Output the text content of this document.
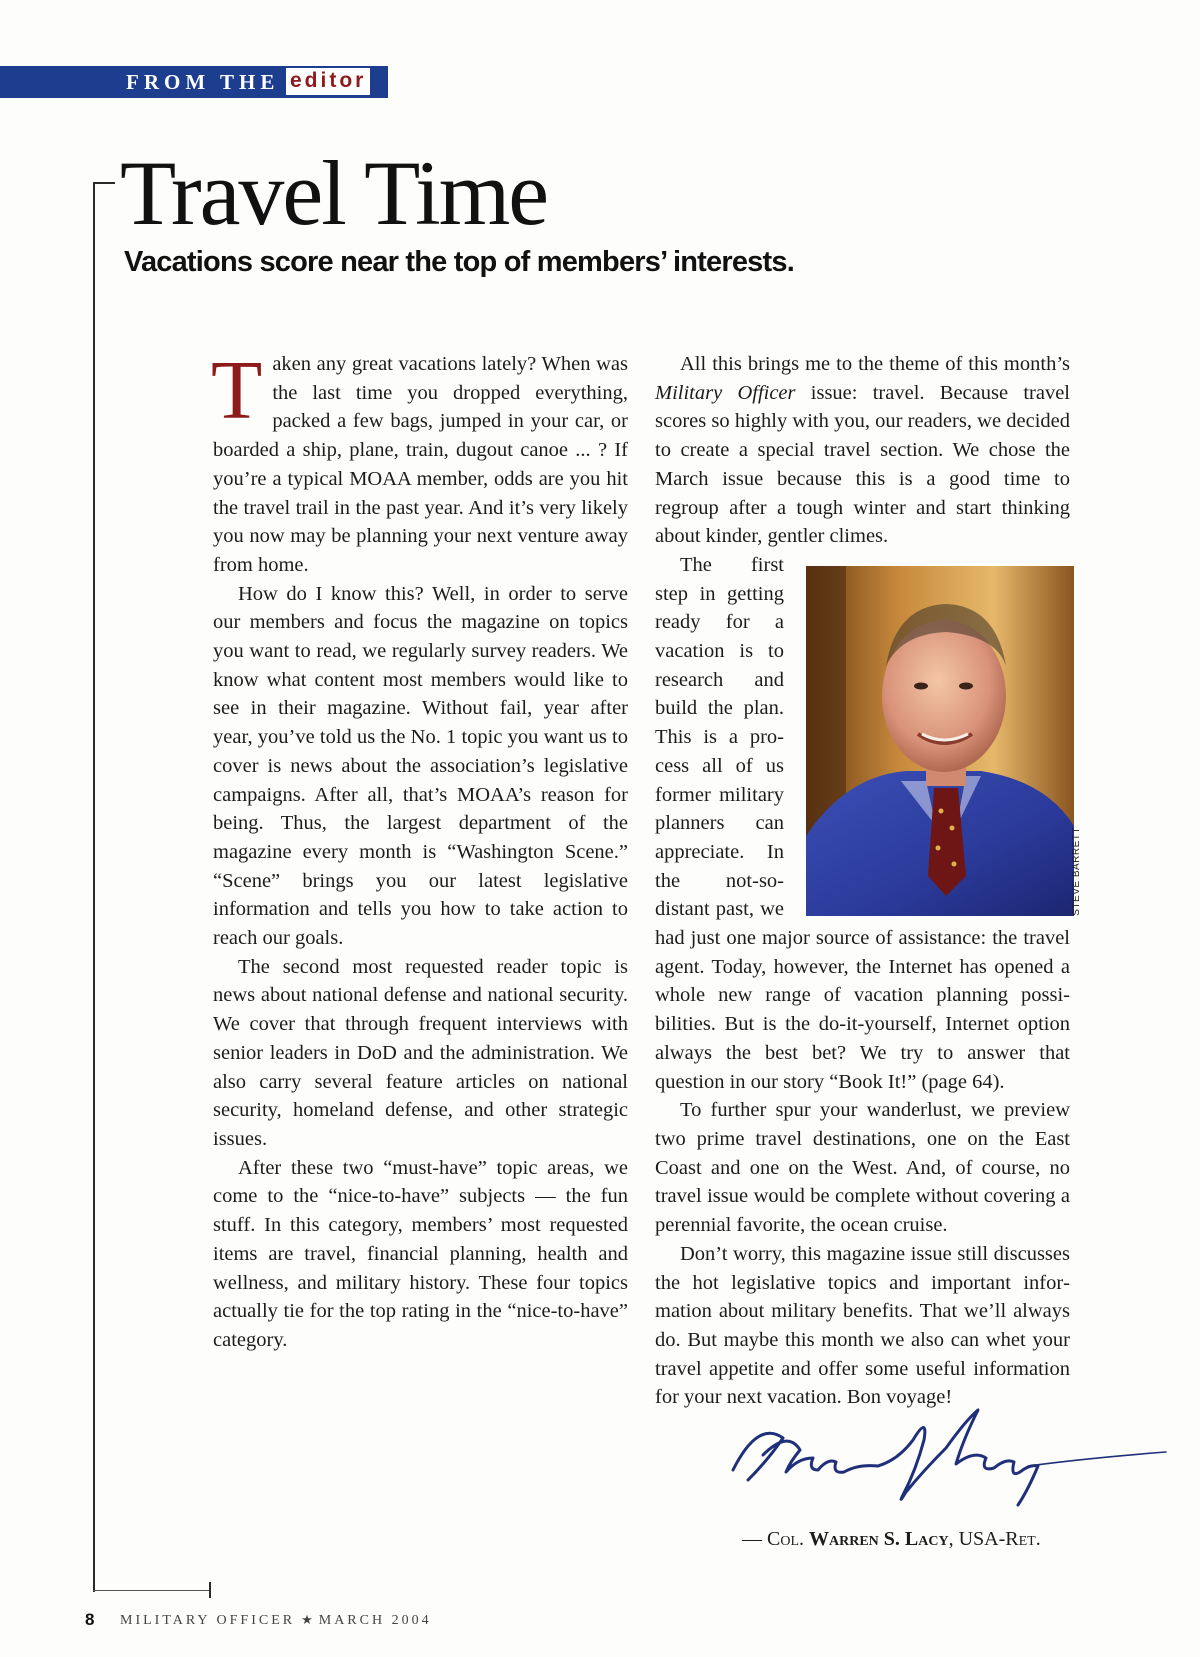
FROM THE editor
Travel Time
Vacations score near the top of members’ interests.

Taken any great vacations lately? When was the last time you dropped everything, packed a few bags, jumped in your car, or boarded a ship, plane, train, dugout canoe ... ? If you’re a typical MOAA member, odds are you hit the travel trail in the past year. And it’s very likely you now may be planning your next venture away from home.

How do I know this? Well, in order to serve our members and focus the magazine on topics you want to read, we regularly survey readers. We know what content most members would like to see in their magazine. Without fail, year after year, you’ve told us the No. 1 topic you want us to cover is news about the association’s legislative campaigns. After all, that’s MOAA’s reason for being. Thus, the largest department of the magazine every month is “Washington Scene.” “Scene” brings you our latest legislative information and tells you how to take action to reach our goals.

The second most requested reader topic is news about national defense and national security. We cover that through frequent interviews with senior leaders in DoD and the administration. We also carry several feature articles on national security, homeland defense, and other strategic issues.

After these two “must-have” topic areas, we come to the “nice-to-have” subjects — the fun stuff. In this category, members’ most requested items are travel, financial planning, health and wellness, and military history. These four topics actually tie for the top rating in the “nice-to-have” category.

All this brings me to the theme of this month’s Military Officer issue: travel. Because travel scores so highly with you, our readers, we decided to create a special travel section. We chose the March issue because this is a good time to regroup after a tough winter and start thinking about kinder, gentler climes.

STEVE BARRETT

The first step in getting ready for a vacation is to research and build the plan. This is a process all of us former military planners can appreciate. In the not-so-distant past, we had just one major source of assistance: the travel agent. Today, however, the Internet has opened a whole new range of vacation planning possibilities. But is the do-it-yourself, Internet option always the best bet? We try to answer that question in our story “Book It!” (page 64).

To further spur your wanderlust, we preview two prime travel destinations, one on the East Coast and one on the West. And, of course, no travel issue would be complete without covering a perennial favorite, the ocean cruise.

Don’t worry, this magazine issue still discusses the hot legislative topics and important information about military benefits. That we’ll always do. But maybe this month we also can whet your travel appetite and offer some useful information for your next vacation. Bon voyage!

— Col. Warren S. Lacy, USA-Ret.
8 MILITARY OFFICER ★ MARCH 2004
